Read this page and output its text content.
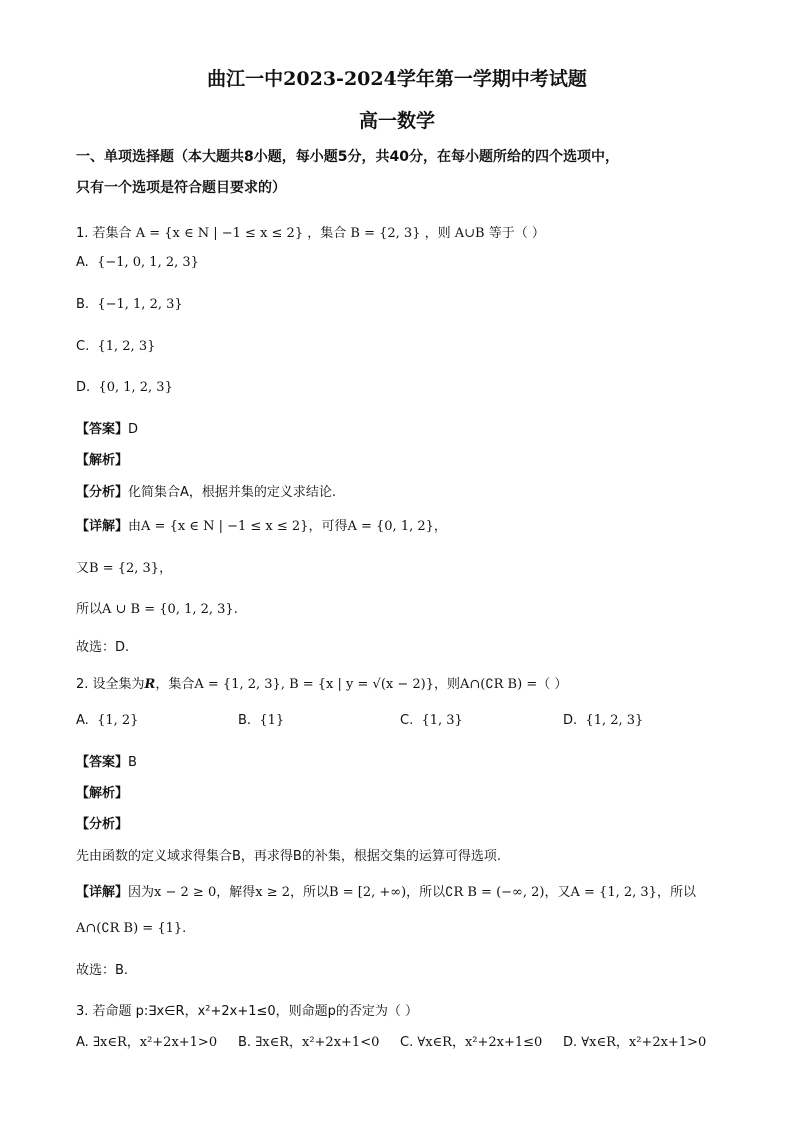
曲江一中2023-2024学年第一学期中考试题
高一数学
一、单项选择题（本大题共8小题，每小题5分，共40分，在每小题所给的四个选项中，
只有一个选项是符合题目要求的）
1. 若集合 A = {x ∈ N | −1 ≤ x ≤ 2} ，集合 B = {2, 3} ，则 A∪B 等于（ ）
A. {−1, 0, 1, 2, 3}
B. {−1, 1, 2, 3}
C. {1, 2, 3}
D. {0, 1, 2, 3}
【答案】D
【解析】
【分析】化简集合A，根据并集的定义求结论.
【详解】由A = {x ∈ N | −1 ≤ x ≤ 2}，可得A = {0, 1, 2}，
又B = {2, 3}，
所以A ∪ B = {0, 1, 2, 3}.
故选：D.
2. 设全集为R，集合A = {1, 2, 3}, B = {x | y = √(x − 2)}，则A∩(∁R B) =（ ）
A. {1, 2}	B. {1}	C. {1, 3}	D. {1, 2, 3}
【答案】B
【解析】
【分析】
先由函数的定义域求得集合B，再求得B的补集，根据交集的运算可得选项.
【详解】因为x − 2 ≥ 0，解得x ≥ 2，所以B = [2, +∞)，所以∁R B = (−∞, 2)，又A = {1, 2, 3}，所以
A∩(∁R B) = {1}.
故选：B.
3. 若命题 p:∃x∈R，x²+2x+1≤0，则命题p的否定为（ ）
A. ∃x∈R，x²+2x+1>0 B. ∃x∈R，x²+2x+1<0 C. ∀x∈R，x²+2x+1≤0 D. ∀x∈R，x²+2x+1>0
